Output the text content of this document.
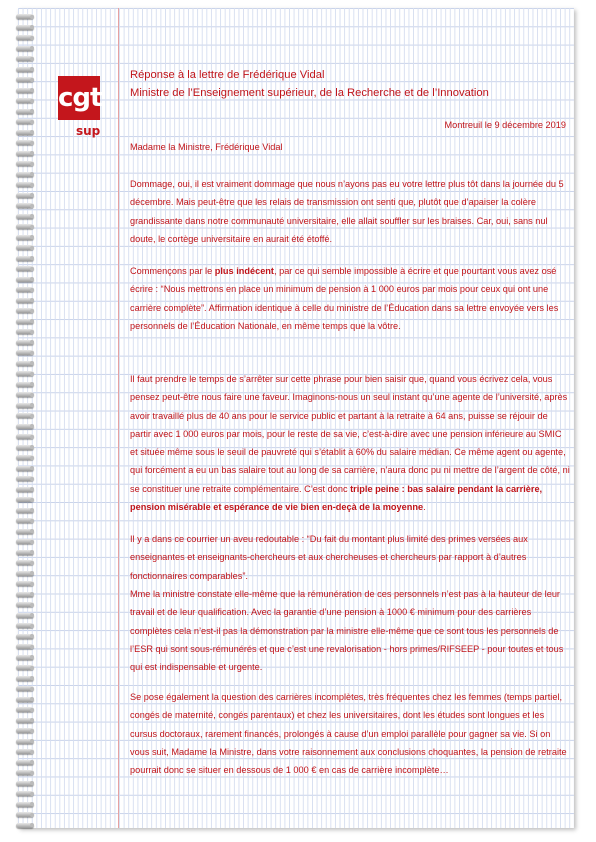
cgt
sup
Réponse à la lettre de Frédérique Vidal
Ministre de l’Enseignement supérieur, de la Recherche et de l’Innovation
Montreuil le 9 décembre 2019
Madame la Ministre, Frédérique Vidal
Dommage, oui, il est vraiment dommage que nous n’ayons pas eu votre lettre plus tôt dans la journée du 5 décembre. Mais peut-être que les relais de transmission ont senti que, plutôt que d’apaiser la colère grandissante dans notre communauté universitaire, elle allait souffler sur les braises. Car, oui, sans nul doute, le cortège universitaire en aurait été étoffé.
Commençons par le plus indécent, par ce qui semble impossible à écrire et que pourtant vous avez osé écrire : “Nous mettrons en place un minimum de pension à 1 000 euros par mois pour ceux qui ont une carrière complète”. Affirmation identique à celle du ministre de l’Éducation dans sa lettre envoyée vers les personnels de l’Éducation Nationale, en même temps que la vôtre.
Il faut prendre le temps de s’arrêter sur cette phrase pour bien saisir que, quand vous écrivez cela, vous pensez peut-être nous faire une faveur. Imaginons-nous un seul instant qu’une agente de l’université, après avoir travaillé plus de 40 ans pour le service public et partant à la retraite à 64 ans, puisse se réjouir de partir avec 1 000 euros par mois, pour le reste de sa vie, c’est-à-dire avec une pension inférieure au SMIC et située même sous le seuil de pauvreté qui s’établit à 60% du salaire médian. Ce même agent ou agente, qui forcément a eu un bas salaire tout au long de sa carrière, n’aura donc pu ni mettre de l’argent de côté, ni se constituer une retraite complémentaire. C’est donc triple peine : bas salaire pendant la carrière, pension misérable et espérance de vie bien en-deçà de la moyenne.
Il y a dans ce courrier un aveu redoutable : “Du fait du montant plus limité des primes versées aux enseignantes et enseignants-chercheurs et aux chercheuses et chercheurs par rapport à d’autres fonctionnaires comparables”.
Mme la ministre constate elle-même que la rémunération de ces personnels n’est pas à la hauteur de leur travail et de leur qualification. Avec la garantie d’une pension à 1000 € minimum pour des carrières complètes cela n’est-il pas la démonstration par la ministre elle-même que ce sont tous les personnels de l’ESR qui sont sous-rémunérés et que c’est une revalorisation - hors primes/RIFSEEP - pour toutes et tous qui est indispensable et urgente.
Se pose également la question des carrières incomplètes, très fréquentes chez les femmes (temps partiel, congés de maternité, congés parentaux) et chez les universitaires, dont les études sont longues et les cursus doctoraux, rarement financés, prolongés à cause d’un emploi parallèle pour gagner sa vie. Si on vous suit, Madame la Ministre, dans votre raisonnement aux conclusions choquantes, la pension de retraite pourrait donc se situer en dessous de 1 000 € en cas de carrière incomplète…
